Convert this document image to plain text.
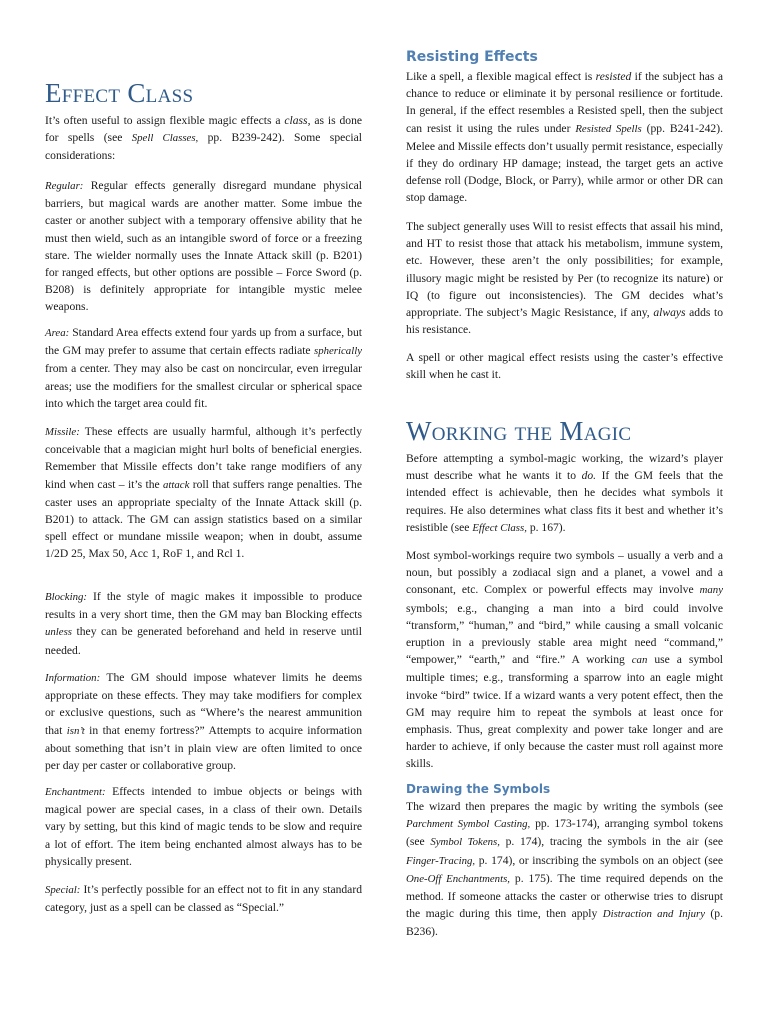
Effect Class

It’s often useful to assign flexible magic effects a class, as is done for spells (see Spell Classes, pp. B239-242). Some special considerations:

Regular: Regular effects generally disregard mundane physical barriers, but magical wards are another matter. Some imbue the caster or another subject with a temporary offensive ability that he must then wield, such as an intangible sword of force or a freezing stare. The wielder normally uses the Innate Attack skill (p. B201) for ranged effects, but other options are possible – Force Sword (p. B208) is definitely appropriate for intangible mystic melee weapons.

Area: Standard Area effects extend four yards up from a surface, but the GM may prefer to assume that certain effects radiate spherically from a center. They may also be cast on noncircular, even irregular areas; use the modifiers for the smallest circular or spherical space into which the target area could fit.

Missile: These effects are usually harmful, although it’s perfectly conceivable that a magician might hurl bolts of beneficial energies. Remember that Missile effects don’t take range modifiers of any kind when cast – it’s the attack roll that suffers range penalties. The caster uses an appropriate specialty of the Innate Attack skill (p. B201) to attack. The GM can assign statistics based on a similar spell effect or mundane missile weapon; when in doubt, assume 1/2D 25, Max 50, Acc 1, RoF 1, and Rcl 1.

Blocking: If the style of magic makes it impossible to produce results in a very short time, then the GM may ban Blocking effects unless they can be generated beforehand and held in reserve until needed.

Information: The GM should impose whatever limits he deems appropriate on these effects. They may take modifiers for complex or exclusive questions, such as “Where’s the nearest ammunition that isn’t in that enemy fortress?” Attempts to acquire information about something that isn’t in plain view are often limited to once per day per caster or collaborative group.

Enchantment: Effects intended to imbue objects or beings with magical power are special cases, in a class of their own. Details vary by setting, but this kind of magic tends to be slow and require a lot of effort. The item being enchanted almost always has to be physically present.

Special: It’s perfectly possible for an effect not to fit in any standard category, just as a spell can be classed as “Special.”

Resisting Effects

Like a spell, a flexible magical effect is resisted if the subject has a chance to reduce or eliminate it by personal resilience or fortitude. In general, if the effect resembles a Resisted spell, then the subject can resist it using the rules under Resisted Spells (pp. B241-242). Melee and Missile effects don’t usually permit resistance, especially if they do ordinary HP damage; instead, the target gets an active defense roll (Dodge, Block, or Parry), while armor or other DR can stop damage.

The subject generally uses Will to resist effects that assail his mind, and HT to resist those that attack his metabolism, immune system, etc. However, these aren’t the only possibilities; for example, illusory magic might be resisted by Per (to recognize its nature) or IQ (to figure out inconsistencies). The GM decides what’s appropriate. The subject’s Magic Resistance, if any, always adds to his resistance.

A spell or other magical effect resists using the caster’s effective skill when he cast it.

Working the Magic

Before attempting a symbol-magic working, the wizard’s player must describe what he wants it to do. If the GM feels that the intended effect is achievable, then he decides what symbols it requires. He also determines what class fits it best and whether it’s resistible (see Effect Class, p. 167).

Most symbol-workings require two symbols – usually a verb and a noun, but possibly a zodiacal sign and a planet, a vowel and a consonant, etc. Complex or powerful effects may involve many symbols; e.g., changing a man into a bird could involve “transform,” “human,” and “bird,” while causing a small volcanic eruption in a previously stable area might need “command,” “empower,” “earth,” and “fire.” A working can use a symbol multiple times; e.g., transforming a sparrow into an eagle might invoke “bird” twice. If a wizard wants a very potent effect, then the GM may require him to repeat the symbols at least once for emphasis. Thus, great complexity and power take longer and are harder to achieve, if only because the caster must roll against more skills.

Drawing the Symbols

The wizard then prepares the magic by writing the symbols (see Parchment Symbol Casting, pp. 173-174), arranging symbol tokens (see Symbol Tokens, p. 174), tracing the symbols in the air (see Finger-Tracing, p. 174), or inscribing the symbols on an object (see One-Off Enchantments, p. 175). The time required depends on the method. If someone attacks the caster or otherwise tries to disrupt the magic during this time, then apply Distraction and Injury (p. B236).
